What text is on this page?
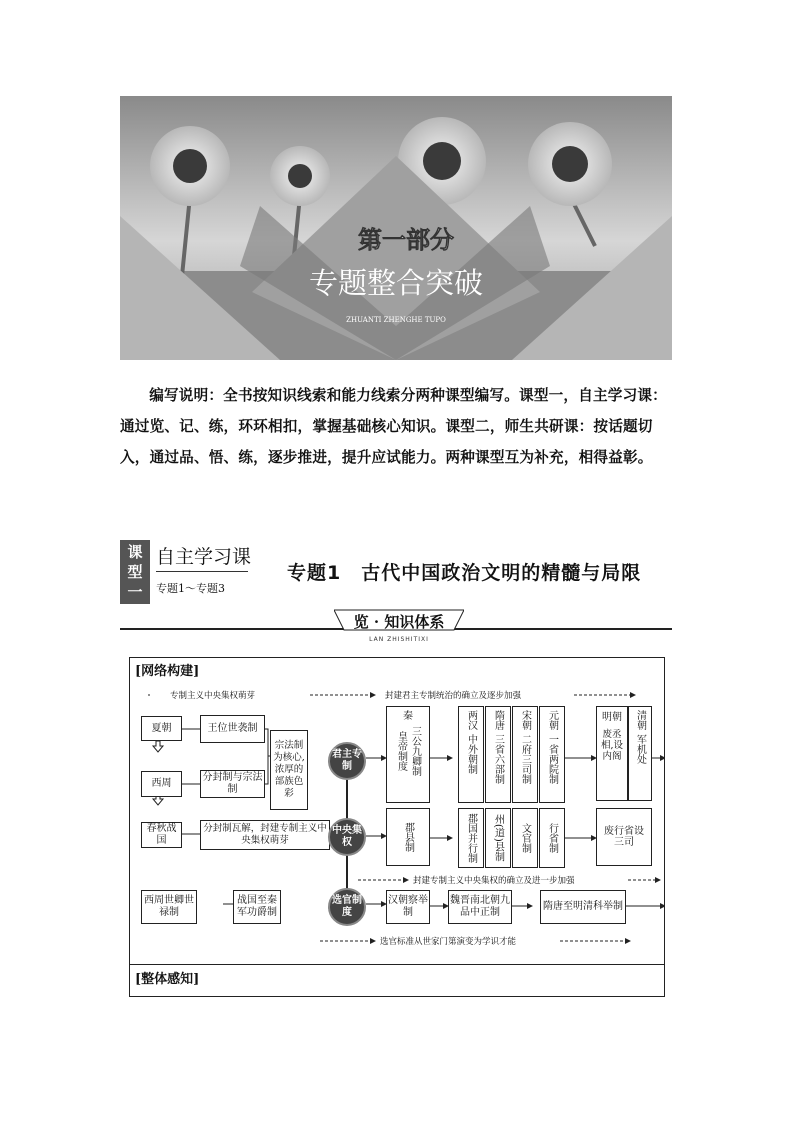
第一部分
专题整合突破
ZHUANTI ZHENGHE TUPO

编写说明：全书按知识线索和能力线索分两种课型编写。课型一，自主学习课：通过览、记、练，环环相扣，掌握基础核心知识。课型二，师生共研课：按话题切入，通过品、悟、练，逐步推进，提升应试能力。两种课型互为补充，相得益彰。

课
型
一
自主学习课
专题1～专题3
专题1　古代中国政治文明的精髓与局限
览 · 知识体系
LAN ZHISHITIXI
[网络构建]
[整体感知]
专制主义中央集权萌芽	封建君主专制统治的确立及逐步加强
封建专制主义中央集权的确立及进一步加强
选官标准从世家门第演变为学识才能
夏朝	王位世袭制
西周
分封制与宗法制
宗法制为核心,浓厚的部族色彩
春秋战国
分封制瓦解，封建专制主义中央集权萌芽
君主专制
中央集权
选官制度
秦
皇帝制度 三公九卿制
两汉
中外朝制
隋唐
三省六部制
宋朝
二府三司制
元朝
一省两院制
明朝
废丞相,设内阁
清朝
军机处
郡县制	郡国并行制 州(道)县制 文官制 行省制	废行省设三司
西周世卿世禄制
战国至秦军功爵制
汉朝察举制
魏晋南北朝九品中正制
隋唐至明清科举制
